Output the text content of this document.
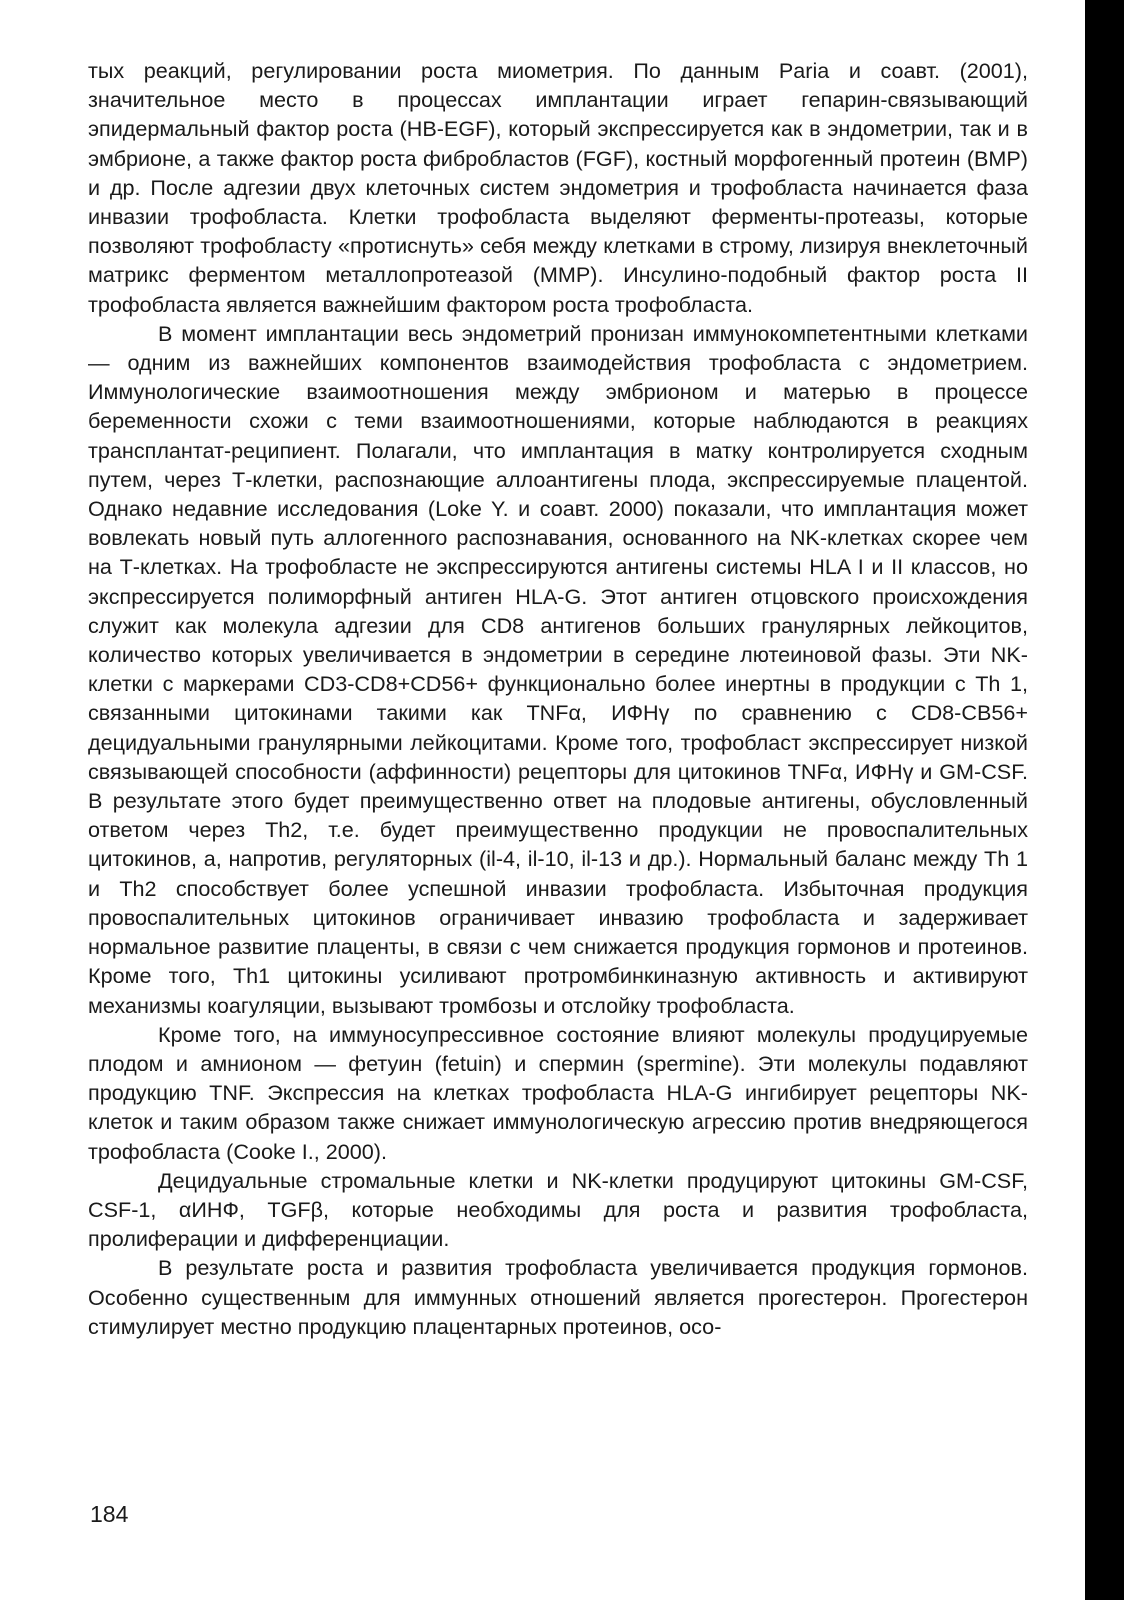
тых реакций, регулировании роста миометрия. По данным Paria и соавт. (2001), значительное место в процессах имплантации играет гепарин-связывающий эпидермальный фактор роста (HB-EGF), который экспрессируется как в эндометрии, так и в эмбрионе, а также фактор роста фибробластов (FGF), костный морфогенный протеин (BMP) и др. После адгезии двух клеточных систем эндометрия и трофобласта начинается фаза инвазии трофобласта. Клетки трофобласта выделяют ферменты-протеазы, которые позволяют трофобласту «протиснуть» себя между клетками в строму, лизируя внеклеточный матрикс ферментом металлопротеазой (MMP). Инсулино-подобный фактор роста II трофобласта является важнейшим фактором роста трофобласта.

В момент имплантации весь эндометрий пронизан иммунокомпетентными клетками — одним из важнейших компонентов взаимодействия трофобласта с эндометрием. Иммунологические взаимоотношения между эмбрионом и матерью в процессе беременности схожи с теми взаимоотношениями, которые наблюдаются в реакциях трансплантат-реципиент. Полагали, что имплантация в матку контролируется сходным путем, через Т-клетки, распознающие аллоантигены плода, экспрессируемые плацентой. Однако недавние исследования (Loke Y. и соавт. 2000) показали, что имплантация может вовлекать новый путь аллогенного распознавания, основанного на NK-клетках скорее чем на Т-клетках. На трофобласте не экспрессируются антигены системы HLA I и II классов, но экспрессируется полиморфный антиген HLA-G. Этот антиген отцовского происхождения служит как молекула адгезии для CD8 антигенов больших гранулярных лейкоцитов, количество которых увеличивается в эндометрии в середине лютеиновой фазы. Эти NK-клетки с маркерами CD3-CD8+CD56+ функционально более инертны в продукции с Th 1, связанными цитокинами такими как TNFα, ИФНγ по сравнению с CD8-CB56+ децидуальными гранулярными лейкоцитами. Кроме того, трофобласт экспрессирует низкой связывающей способности (аффинности) рецепторы для цитокинов TNFα, ИФНγ и GM-CSF. В результате этого будет преимущественно ответ на плодовые антигены, обусловленный ответом через Th2, т.е. будет преимущественно продукции не провоспалительных цитокинов, а, напротив, регуляторных (il-4, il-10, il-13 и др.). Нормальный баланс между Th 1 и Th2 способствует более успешной инвазии трофобласта. Избыточная продукция провоспалительных цитокинов ограничивает инвазию трофобласта и задерживает нормальное развитие плаценты, в связи с чем снижается продукция гормонов и протеинов. Кроме того, Th1 цитокины усиливают протромбинкиназную активность и активируют механизмы коагуляции, вызывают тромбозы и отслойку трофобласта.

Кроме того, на иммуносупрессивное состояние влияют молекулы продуцируемые плодом и амнионом — фетуин (fetuin) и спермин (spermine). Эти молекулы подавляют продукцию TNF. Экспрессия на клетках трофобласта HLA-G ингибирует рецепторы NK-клеток и таким образом также снижает иммунологическую агрессию против внедряющегося трофобласта (Cooke I., 2000).

Децидуальные стромальные клетки и NK-клетки продуцируют цитокины GM-CSF, CSF-1, αИНФ, TGFβ, которые необходимы для роста и развития трофобласта, пролиферации и дифференциации.

В результате роста и развития трофобласта увеличивается продукция гормонов. Особенно существенным для иммунных отношений является прогестерон. Прогестерон стимулирует местно продукцию плацентарных протеинов, осо-

184
